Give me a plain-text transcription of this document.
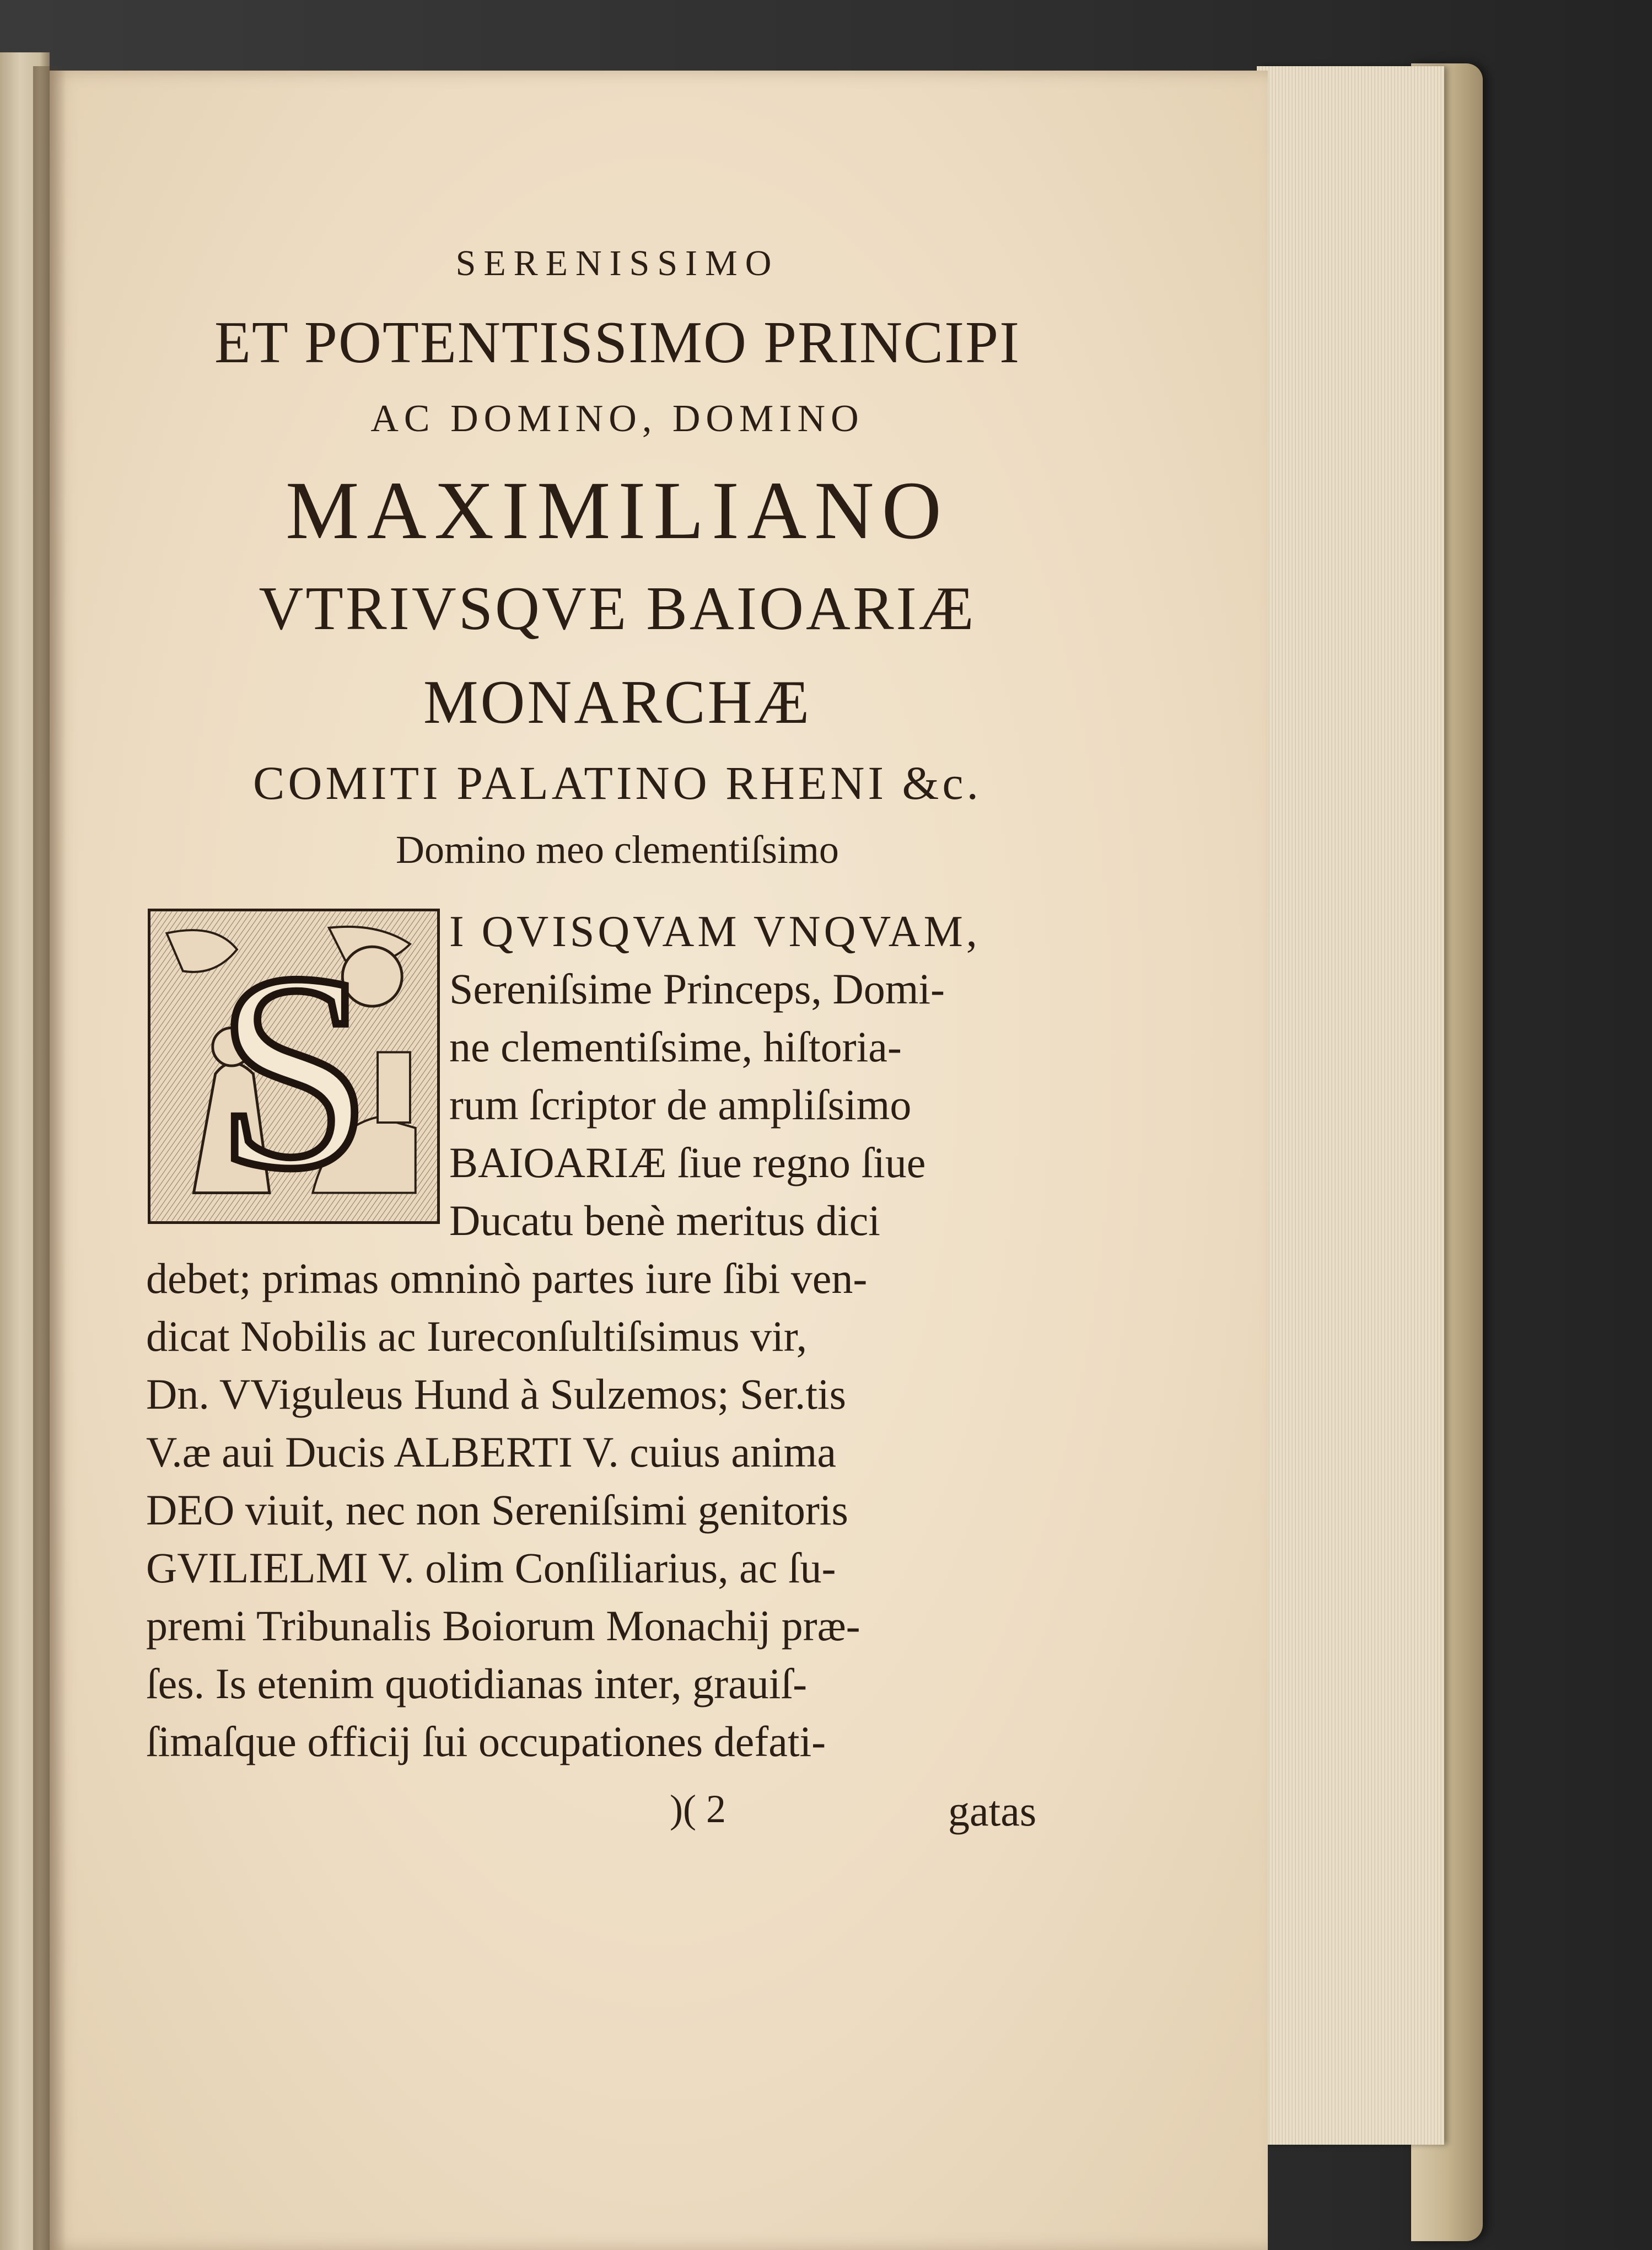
SERENISSIMO
ET POTENTISSIMO PRINCIPI
AC DOMINO, DOMINO
MAXIMILIANO
VTRIVSQVE BAIOARIÆ
MONARCHÆ
COMITI PALATINO RHENI &c.
Domino meo clementiſsimo
S I QVISQVAM VNQVAM,
Sereniſsime Princeps, Domi-
ne clementiſsime, hiſtoria-
rum ſcriptor de ampliſsimo
BAIOARIÆ ſiue regno ſiue
Ducatu benè meritus dici
debet; primas omninò partes iure ſibi ven-
dicat Nobilis ac Iureconſultiſsimus vir,
Dn. VViguleus Hund à Sulzemos; Ser.tis
V.æ aui Ducis ALBERTI V. cuius anima
DEO viuit, nec non Sereniſsimi genitoris
GVILIELMI V. olim Conſiliarius, ac ſu-
premi Tribunalis Boiorum Monachij præ-
ſes. Is etenim quotidianas inter, grauiſ-
ſimaſque officij ſui occupationes defati-
)( 2	gatas
